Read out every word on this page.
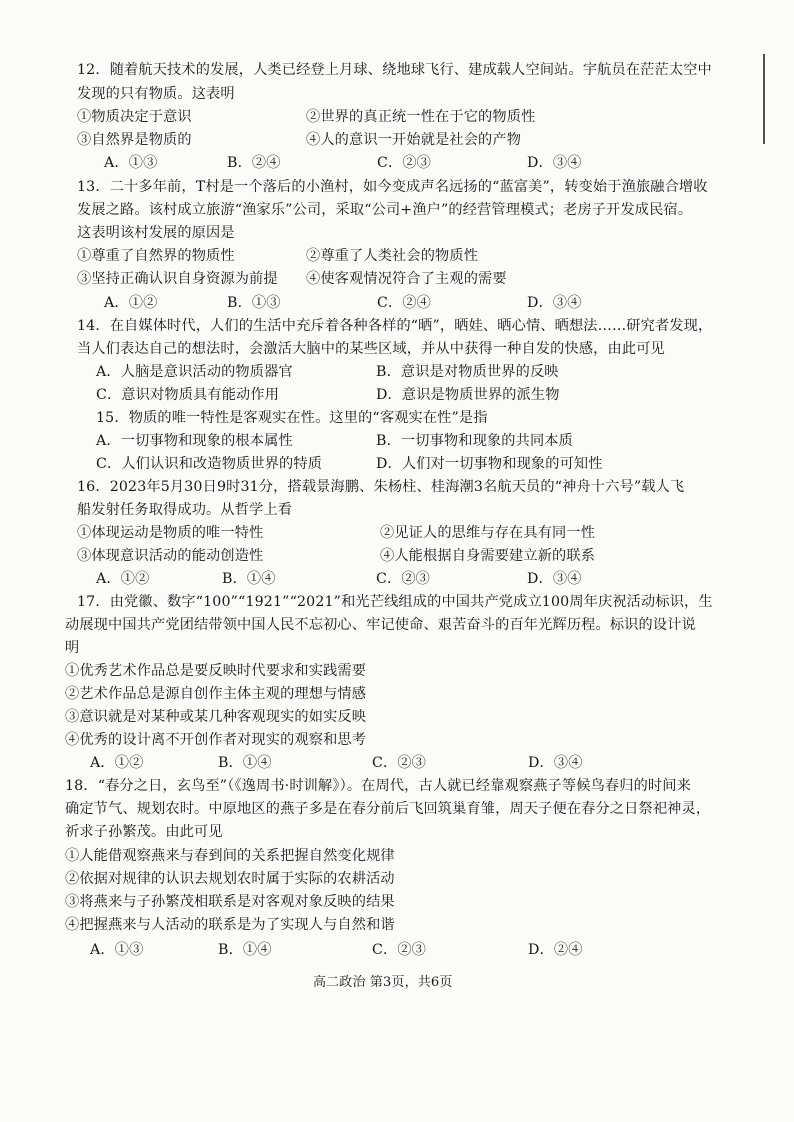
12．随着航天技术的发展，人类已经登上月球、绕地球飞行、建成载人空间站。宇航员在茫茫太空中
发现的只有物质。这表明
①物质决定于意识	②世界的真正统一性在于它的物质性
③自然界是物质的	④人的意识一开始就是社会的产物
A．①③	B．②④	C．②③	D．③④
13．二十多年前，T村是一个落后的小渔村，如今变成声名远扬的“蓝富美”，转变始于渔旅融合增收
发展之路。该村成立旅游“渔家乐”公司，采取“公司+渔户”的经营管理模式；老房子开发成民宿。
这表明该村发展的原因是
①尊重了自然界的物质性	②尊重了人类社会的物质性
③坚持正确认识自身资源为前提 ④使客观情况符合了主观的需要
A．①②	B．①③	C．②④	D．③④
14．在自媒体时代，人们的生活中充斥着各种各样的“晒”，晒娃、晒心情、晒想法……研究者发现，
当人们表达自己的想法时，会激活大脑中的某些区域，并从中获得一种自发的快感，由此可见
A．人脑是意识活动的物质器官	B．意识是对物质世界的反映
C．意识对物质具有能动作用	D．意识是物质世界的派生物
15．物质的唯一特性是客观实在性。这里的“客观实在性”是指
A．一切事物和现象的根本属性	B．一切事物和现象的共同本质
C．人们认识和改造物质世界的特质	D．人们对一切事物和现象的可知性
16．2023年5月30日9时31分，搭载景海鹏、朱杨柱、桂海潮3名航天员的“神舟十六号”载人飞
船发射任务取得成功。从哲学上看
①体现运动是物质的唯一特性	②见证人的思维与存在具有同一性
③体现意识活动的能动创造性	④人能根据自身需要建立新的联系
A．①②	B．①④	C．②③	D．③④
17．由党徽、数字“100”“1921”“2021”和光芒线组成的中国共产党成立100周年庆祝活动标识，生
动展现中国共产党团结带领中国人民不忘初心、牢记使命、艰苦奋斗的百年光辉历程。标识的设计说
明
①优秀艺术作品总是要反映时代要求和实践需要
②艺术作品总是源自创作主体主观的理想与情感
③意识就是对某种或某几种客观现实的如实反映
④优秀的设计离不开创作者对现实的观察和思考
A．①②	B．①④	C．②③	D．③④
18．“春分之日，玄鸟至”（《逸周书·时训解》）。在周代，古人就已经靠观察燕子等候鸟春归的时间来
确定节气、规划农时。中原地区的燕子多是在春分前后飞回筑巢育雏，周天子便在春分之日祭祀神灵，
祈求子孙繁茂。由此可见
①人能借观察燕来与春到间的关系把握自然变化规律
②依据对规律的认识去规划农时属于实际的农耕活动
③将燕来与子孙繁茂相联系是对客观对象反映的结果
④把握燕来与人活动的联系是为了实现人与自然和谐
A．①③	B．①④	C．②③	D．②④
高二政治 第3页，共6页
